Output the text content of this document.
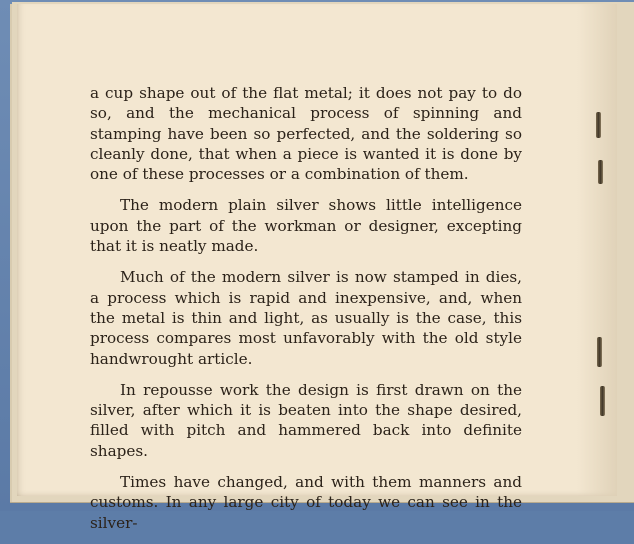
a cup shape out of the flat metal; it does not pay to do so, and the mechanical process of spinning and stamping have been so perfected, and the soldering so cleanly done, that when a piece is wanted it is done by one of these processes or a combination of them.

The modern plain silver shows little intelligence upon the part of the workman or designer, excepting that it is neatly made.

Much of the modern silver is now stamped in dies, a process which is rapid and inexpensive, and, when the metal is thin and light, as usually is the case, this process compares most unfavorably with the old style handwrought article.

In repousse work the design is first drawn on the silver, after which it is beaten into the shape desired, filled with pitch and hammered back into definite shapes.

Times have changed, and with them manners and customs. In any large city of today we can see in the silver-
